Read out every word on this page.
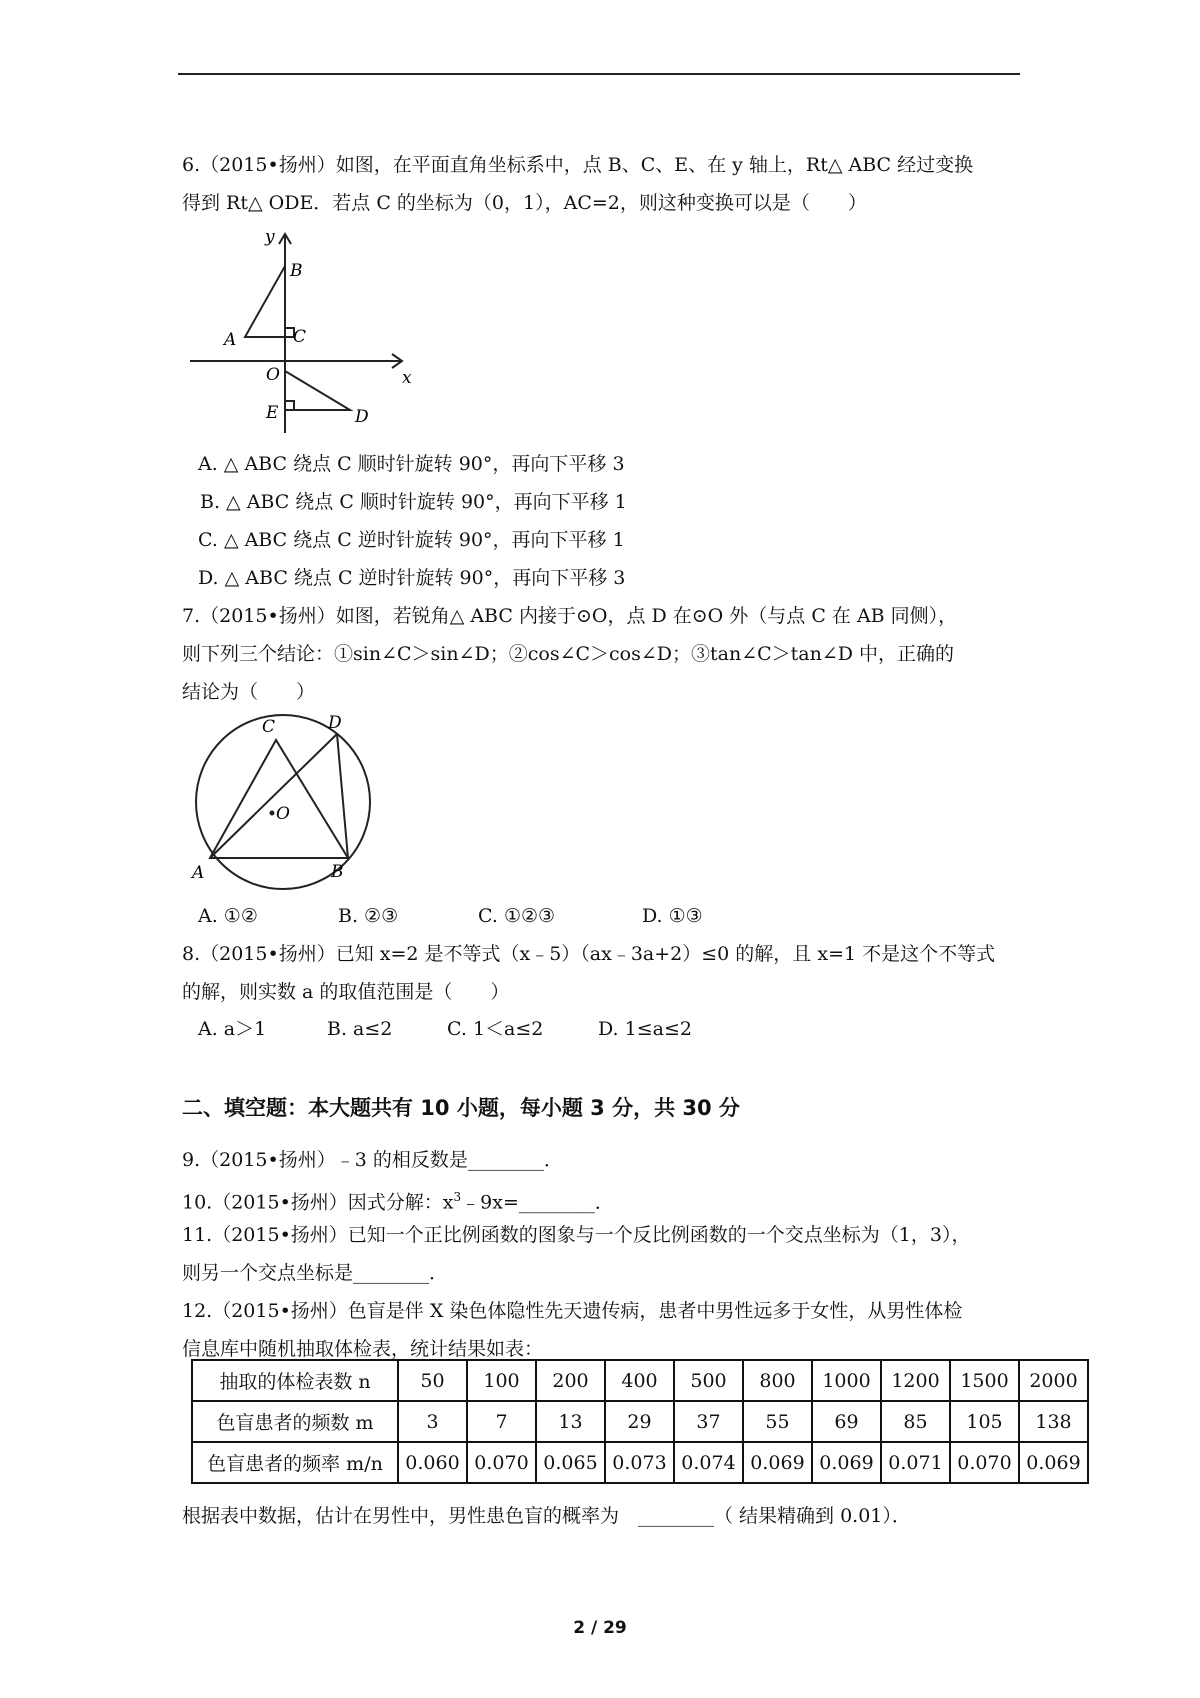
6.（2015•扬州）如图，在平面直角坐标系中，点 B、C、E、在 y 轴上，Rt△ ABC 经过变换
得到 Rt△ ODE．若点 C 的坐标为（0，1），AC=2，则这种变换可以是（　　）
y
B
C
A
O	x
E	D
A. △ ABC 绕点 C 顺时针旋转 90°，再向下平移 3
B. △ ABC 绕点 C 顺时针旋转 90°，再向下平移 1
C. △ ABC 绕点 C 逆时针旋转 90°，再向下平移 1
D. △ ABC 绕点 C 逆时针旋转 90°，再向下平移 3
7.（2015•扬州）如图，若锐角△ ABC 内接于⊙O，点 D 在⊙O 外（与点 C 在 AB 同侧），
则下列三个结论：①sin∠C＞sin∠D；②cos∠C＞cos∠D；③tan∠C＞tan∠D 中，正确的
结论为（　　）
O
C	D
A	B
A. ①②	B. ②③	C. ①②③	D. ①③
8.（2015•扬州）已知 x=2 是不等式（x﹣5）（ax﹣3a+2）≤0 的解，且 x=1 不是这个不等式
的解，则实数 a 的取值范围是（　　）
A. a＞1	B. a≤2	C. 1＜a≤2	D. 1≤a≤2
二、填空题：本大题共有 10 小题，每小题 3 分，共 30 分
9.（2015•扬州）﹣3 的相反数是________．
10.（2015•扬州）因式分解：$x^3﹣9x=\_\_\_\_\_\_\_\_$．
11.（2015•扬州）已知一个正比例函数的图象与一个反比例函数的一个交点坐标为（1，3），
则另一个交点坐标是________．
12.（2015•扬州）色盲是伴 X 染色体隐性先天遗传病，患者中男性远多于女性，从男性体检
信息库中随机抽取体检表，统计结果如表：
抽取的体检表数 n	50	100	200	400	500	800	1000	1200	1500	2000
色盲患者的频数 m	3	7	13	29	37	55	69	85	105	138
色盲患者的频率 m/n	0.060	0.070	0.065	0.073	0.074	0.069	0.069	0.071	0.070	0.069
根据表中数据，估计在男性中，男性患色盲的概率为　________（ 结果精确到 0.01）．
2 / 29
